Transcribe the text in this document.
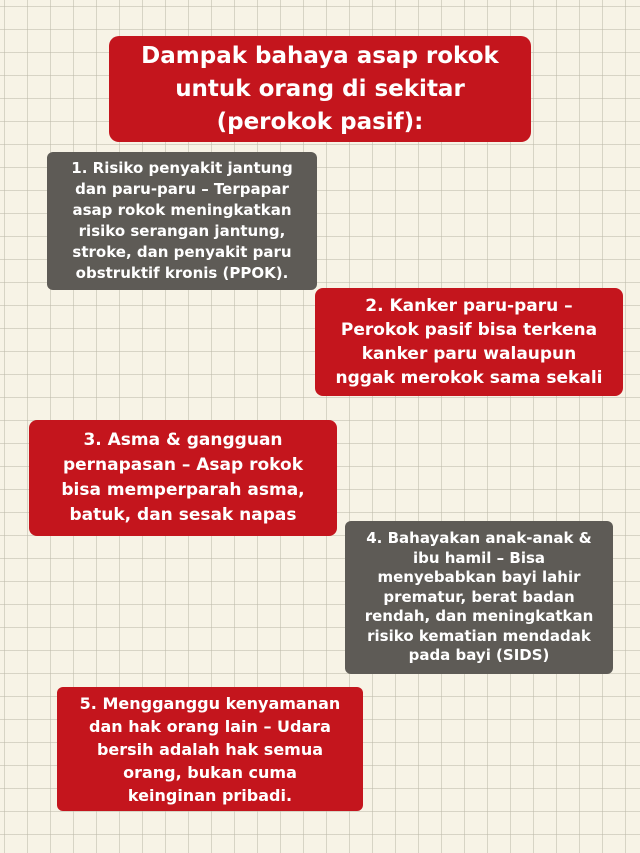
Dampak bahaya asap rokok
untuk orang di sekitar
(perokok pasif):
1. Risiko penyakit jantung
dan paru-paru – Terpapar
asap rokok meningkatkan
risiko serangan jantung,
stroke, dan penyakit paru
obstruktif kronis (PPOK).
2. Kanker paru-paru –
Perokok pasif bisa terkena
kanker paru walaupun
nggak merokok sama sekali
3. Asma & gangguan
pernapasan – Asap rokok
bisa memperparah asma,
batuk, dan sesak napas
4. Bahayakan anak-anak &
ibu hamil – Bisa
menyebabkan bayi lahir
prematur, berat badan
rendah, dan meningkatkan
risiko kematian mendadak
pada bayi (SIDS)
5. Mengganggu kenyamanan
dan hak orang lain – Udara
bersih adalah hak semua
orang, bukan cuma
keinginan pribadi.
